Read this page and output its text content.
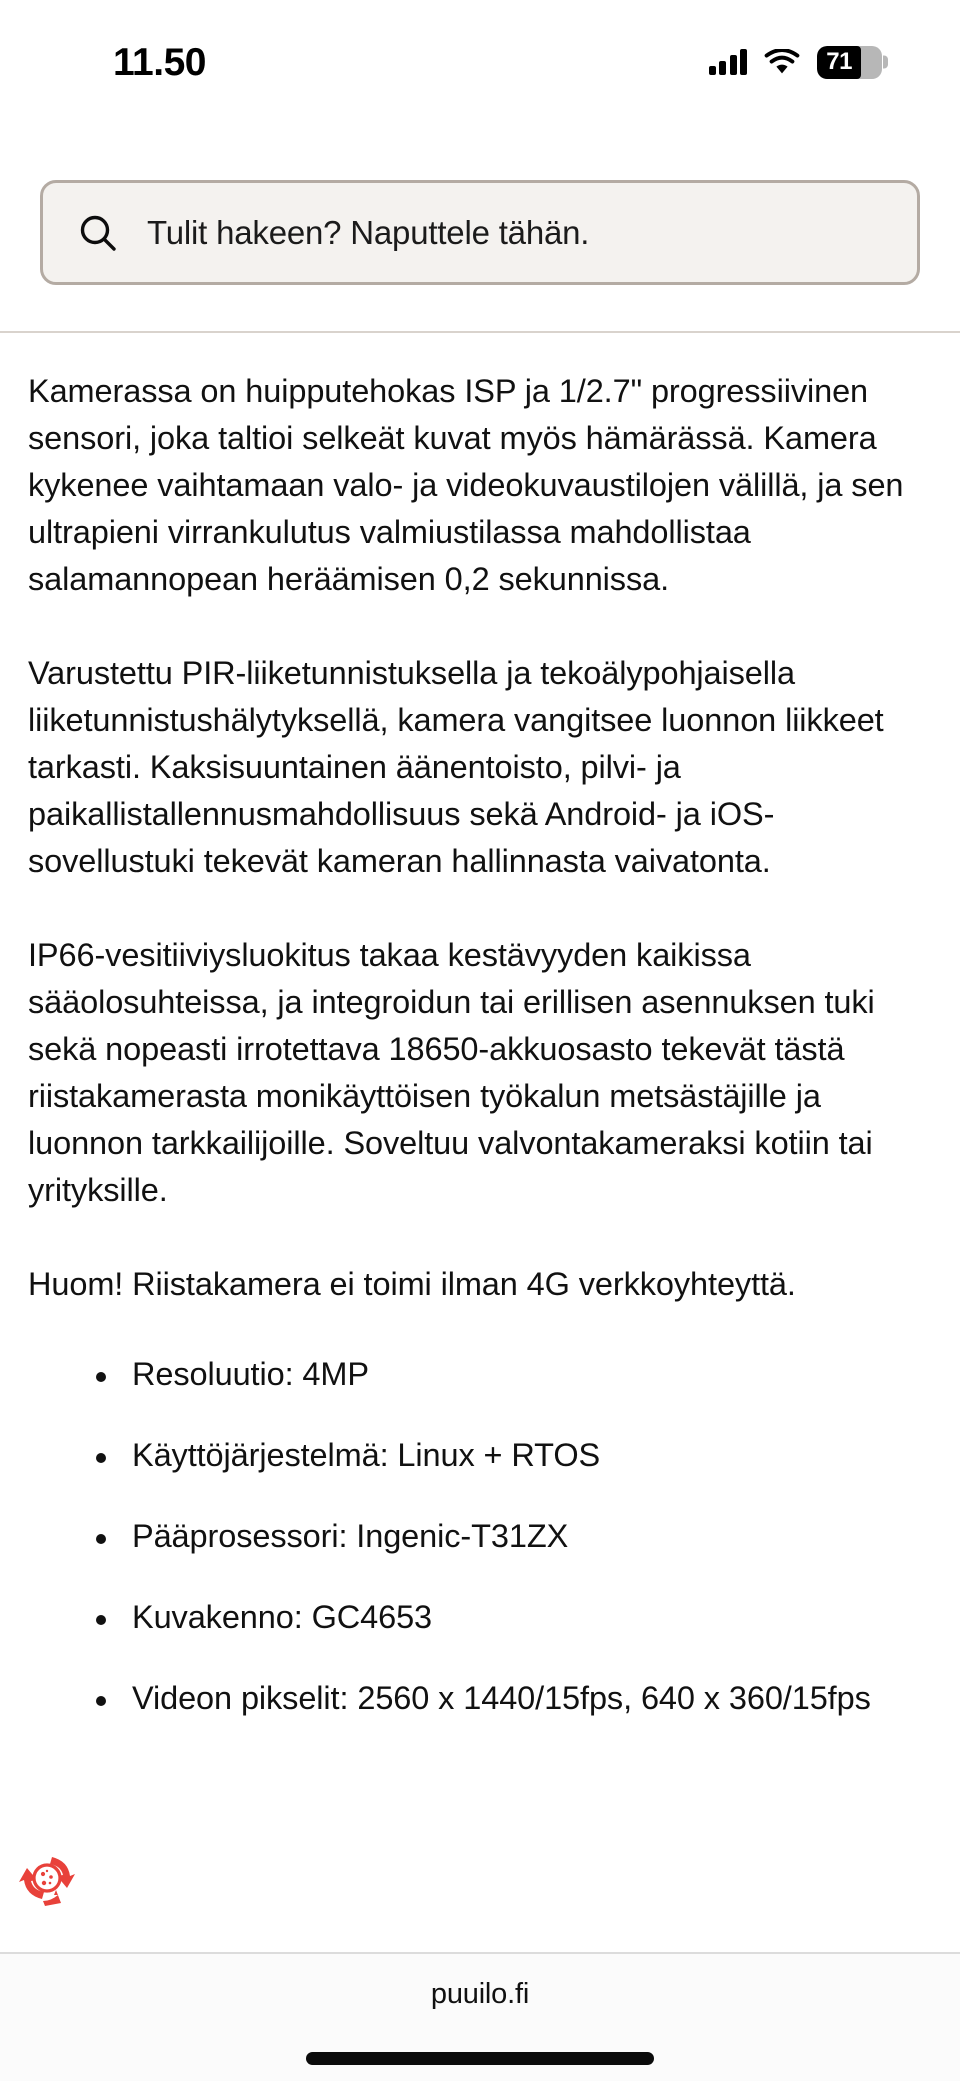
11.50	71
Tulit hakeen? Naputtele tähän.

Kamerassa on huipputehokas ISP ja 1/2.7" progressiivinen sensori, joka taltioi selkeät kuvat myös hämärässä. Kamera kykenee vaihtamaan valo- ja videokuvaustilojen välillä, ja sen ultrapieni virrankulutus valmiustilassa mahdollistaa salamannopean heräämisen 0,2 sekunnissa.

Varustettu PIR-liiketunnistuksella ja tekoälypohjaisella liiketunnistushälytyksellä, kamera vangitsee luonnon liikkeet tarkasti. Kaksisuuntainen äänentoisto, pilvi- ja paikallistallennusmahdollisuus sekä Android- ja iOS-sovellustuki tekevät kameran hallinnasta vaivatonta.

IP66-vesitiiviysluokitus takaa kestävyyden kaikissa sääolosuhteissa, ja integroidun tai erillisen asennuksen tuki sekä nopeasti irrotettava 18650-akkuosasto tekevät tästä riistakamerasta monikäyttöisen työkalun metsästäjille ja luonnon tarkkailijoille. Soveltuu valvontakameraksi kotiin tai yrityksille.

Huom! Riistakamera ei toimi ilman 4G verkkoyhteyttä.

Resoluutio: 4MP
Käyttöjärjestelmä: Linux + RTOS
Pääprosessori: Ingenic-T31ZX
Kuvakenno: GC4653
Videon pikselit: 2560 x 1440/15fps, 640 x 360/15fps
puuilo.fi
